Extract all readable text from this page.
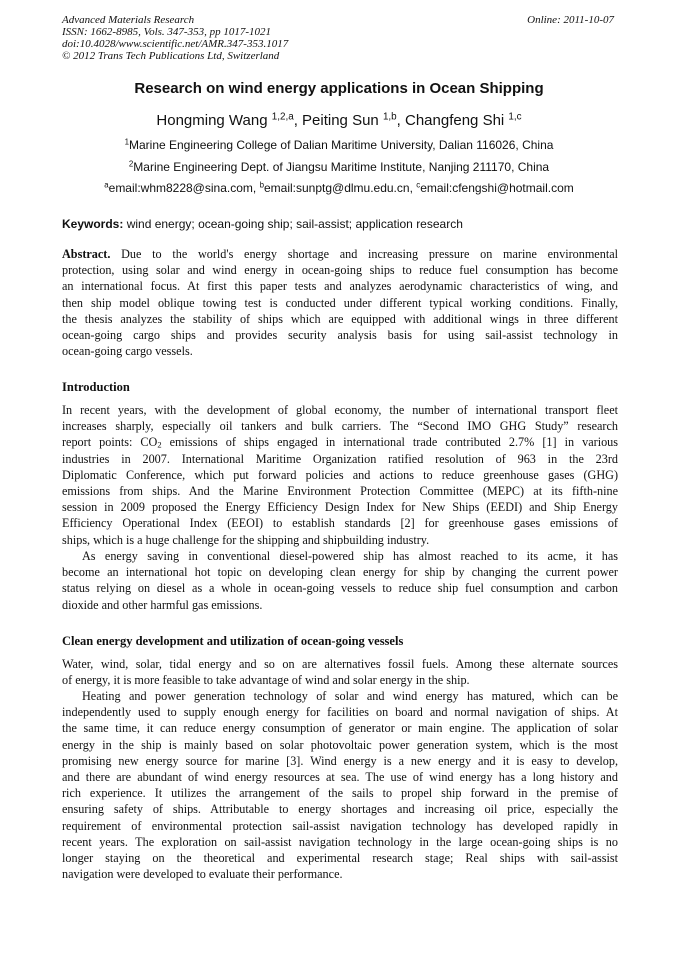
Advanced Materials Research
ISSN: 1662-8985, Vols. 347-353, pp 1017-1021
doi:10.4028/www.scientific.net/AMR.347-353.1017
© 2012 Trans Tech Publications Ltd, Switzerland
Online: 2011-10-07
Research on wind energy applications in Ocean Shipping
Hongming Wang $^{1,2,a}$, Peiting Sun $^{1,b}$, Changfeng Shi $^{1,c}$
$^1$Marine Engineering College of Dalian Maritime University, Dalian 116026, China
$^2$Marine Engineering Dept. of Jiangsu Maritime Institute, Nanjing 211170, China
$^a$email:whm8228@sina.com, $^b$email:sunptg@dlmu.edu.cn, $^c$email:cfengshi@hotmail.com
Keywords: wind energy; ocean-going ship; sail-assist; application research
Abstract. Due to the world's energy shortage and increasing pressure on marine environmental
protection, using solar and wind energy in ocean-going ships to reduce fuel consumption has become
an international focus. At first this paper tests and analyzes aerodynamic characteristics of wing, and
then ship model oblique towing test is conducted under different typical working conditions. Finally,
the thesis analyzes the stability of ships which are equipped with additional wings in three different
ocean-going cargo ships and provides security analysis basis for using sail-assist technology in
ocean-going cargo vessels.
Introduction
In recent years, with the development of global economy, the number of international transport fleet
increases sharply, especially oil tankers and bulk carriers. The “Second IMO GHG Study” research
report points: $CO_2$ emissions of ships engaged in international trade contributed 2.7% [1] in various
industries in 2007. International Maritime Organization ratified resolution of 963 in the 23rd
Diplomatic Conference, which put forward policies and actions to reduce greenhouse gases (GHG)
emissions from ships. And the Marine Environment Protection Committee (MEPC) at its fifth-nine
session in 2009 proposed the Energy Efficiency Design Index for New Ships (EEDI) and Ship Energy
Efficiency Operational Index (EEOI) to establish standards [2] for greenhouse gases emissions of
ships, which is a huge challenge for the shipping and shipbuilding industry.
As energy saving in conventional diesel-powered ship has almost reached to its acme, it has
become an international hot topic on developing clean energy for ship by changing the current power
status relying on diesel as a whole in ocean-going vessels to reduce ship fuel consumption and carbon
dioxide and other harmful gas emissions.
Clean energy development and utilization of ocean-going vessels
Water, wind, solar, tidal energy and so on are alternatives fossil fuels. Among these alternate sources
of energy, it is more feasible to take advantage of wind and solar energy in the ship.
Heating and power generation technology of solar and wind energy has matured, which can be
independently used to supply enough energy for facilities on board and normal navigation of ships. At
the same time, it can reduce energy consumption of generator or main engine. The application of solar
energy in the ship is mainly based on solar photovoltaic power generation system, which is the most
promising new energy source for marine [3]. Wind energy is a new energy and it is easy to develop,
and there are abundant of wind energy resources at sea. The use of wind energy has a long history and
rich experience. It utilizes the arrangement of the sails to propel ship forward in the premise of
ensuring safety of ships. Attributable to energy shortages and increasing oil price, especially the
requirement of environmental protection sail-assist navigation technology has developed rapidly in
recent years. The exploration on sail-assist navigation technology in the large ocean-going ships is no
longer staying on the theoretical and experimental research stage; Real ships with sail-assist
navigation were developed to evaluate their performance.
